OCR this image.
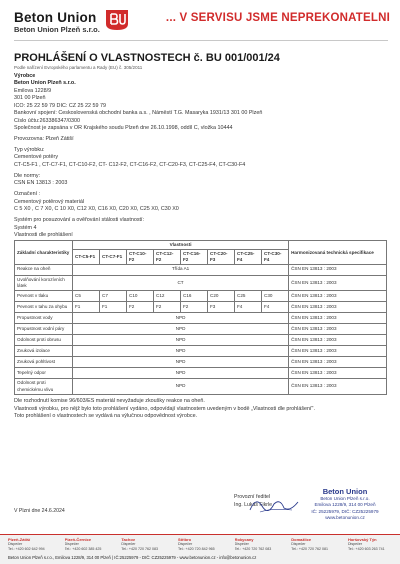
Beton Union
Beton Union Plzeň s.r.o.
... V SERVISU JSME NEPŘEKONATELNÍ
PROHLÁŠENÍ O VLASTNOSTECH č. BU 001/001/24
Podle nařízení Evropského parlamentu a Rady (EU) č. 305/2011
Výrobce
Beton Union Plzeň s.r.o.
Emilova 1228/9
301 00 Plzeň
IČO: 25 22 59 79 DIČ: CZ 25 22 59 79
Bankovní spojení: Československá obchodní banka a.s. , Náměstí T.G. Masaryka 1931/13 301 00 Plzeň
Číslo účtu:263386347/0300
Společnost je zapsána v OR Krajského soudu Plzeň dne 26.10.1998, oddíl C, vložka 10444
Provozovna: Plzeň Zátiší
Typ výrobku:
Cementové potěry
CT-C5-F1 , CT-C7-F1, CT-C10-F2, CT- C12-F2, CT-C16-F2, CT-C20-F3, CT-C25-F4, CT-C30-F4
Dle normy:
ČSN EN 13813 : 2003
Označení :
Cementový potěrový materiál
C 5 X0 , C 7 X0, C 10 X0, C12 X0, C16 X0, C20 X0, C25 X0, C30 X0
Systém pro posuzování a ověřování stálosti vlastností:
Systém 4
Vlastnosti dle prohlášení
Základní charakteristiky	Vlastnosti								Harmonizovaná technická specifikace
	CT-C5-F1	CT-C7-F1	CT-C10-F2	CT-C12-F2	CT-C16-F2	CT-C20-F3	CT-C25-F4	CT-C30-F4	
Reakce na oheň	Třída A1								ČSN EN 13813 : 2003
Uvolňování korozívních látek	CT								ČSN EN 13813 : 2003
Pevnost v tlaku	C5	C7	C10	C12	C16	C20	C25	C30	ČSN EN 13813 : 2003
Pevnost v tahu za ohybu	F1	F1	F2	F2	F2	F3	F4	F4	ČSN EN 13813 : 2003
Propustnost vody	NPD								ČSN EN 13813 : 2003
Propustnost vodní páry	NPD								ČSN EN 13813 : 2003
Odolnost proti obrusu	NPD								ČSN EN 13813 : 2003
Zvuková izolace	NPD								ČSN EN 13813 : 2003
Zvuková pohltivost	NPD								ČSN EN 13813 : 2003
Tepelný odpor	NPD								ČSN EN 13813 : 2003
Odolnost proti chemickému vlivu	NPD								ČSN EN 13813 : 2003
Dle rozhodnutí komise 96/603/ES materiál nevyžaduje zkoušky reakce na oheň.
Vlastnosti výrobku, pro nějž bylo toto prohlášení vydáno, odpovídají vlastnostem uvedeným v bodě „Vlastnosti dle prohlášení".
Toto prohlášení o vlastnostech se vydává na výlučnou odpovědnost výrobce.
V Plzni dne 24.6.2024
Provozní ředitel
Ing. Lukáš Fikrle
Beton Union
Beton Union Plzeň s.r.o.
Emilova 1228/9, 314 00 Plzeň
IČ: 25225979, DIČ: CZ25225979
www.betonunion.cz
Plzeň-Zátiší
Dispečer
Tel.: +420 602 642 994
Plzeň-Černice
Dispečer
Tel.: +420 602 385 425
Tachov
Dispečer
Tel.: +420 720 762 083
Stříbro
Dispečer
Tel.: +420 720 842 965
Rokycany
Dispečer
Tel.: +420 720 762 083
Domažlice
Dispečer
Tel.: +420 720 762 081
Horšovský Týn
Dispečer
Tel.: +420 603 263 741
Beton Union Plzeň s.r.o., Emilova 1228/9, 314 00 Plzeň | IČ:25225979 - DIČ: CZ25225979 - www.betonunion.cz - info@betonunion.cz
